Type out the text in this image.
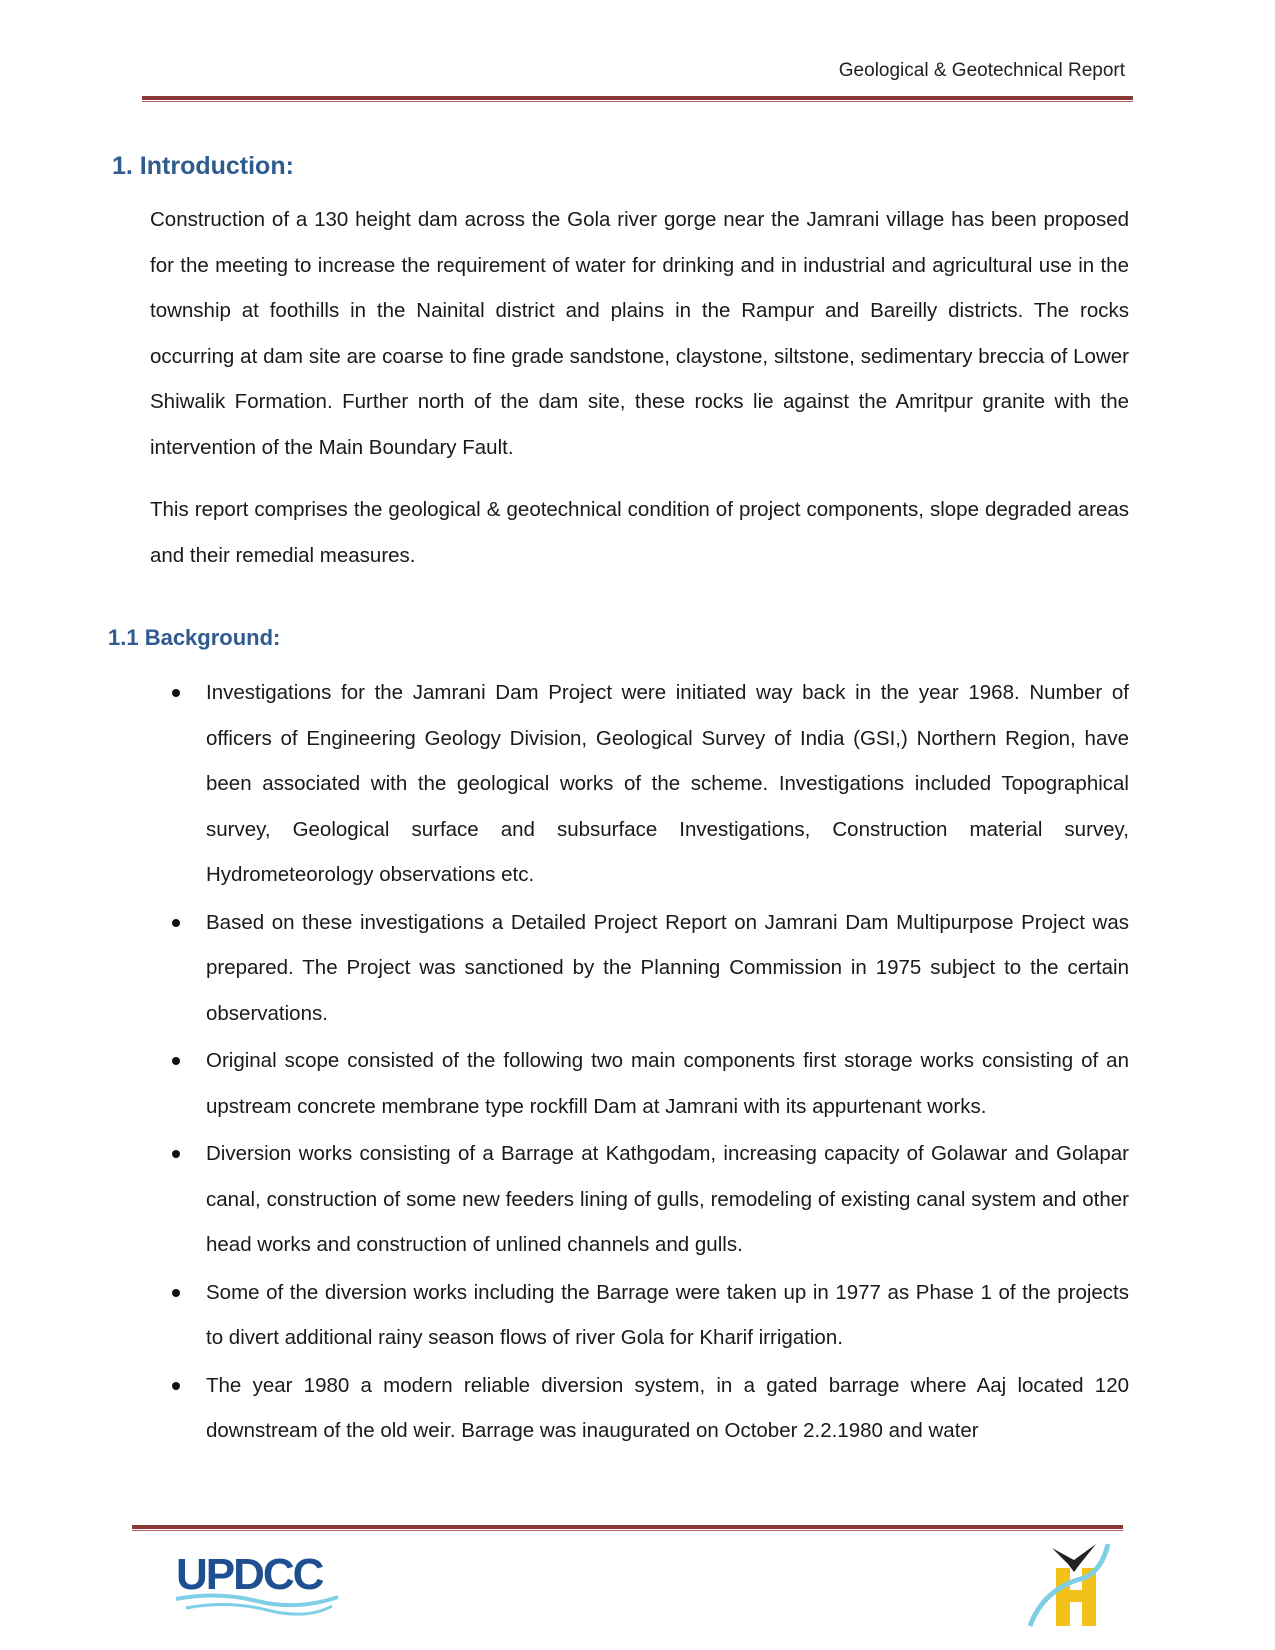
Geological & Geotechnical Report
1. Introduction:

Construction of a 130 height dam across the Gola river gorge near the Jamrani village has been proposed for the meeting to increase the requirement of water for drinking and in industrial and agricultural use in the township at foothills in the Nainital district and plains in the Rampur and Bareilly districts. The rocks occurring at dam site are coarse to fine grade sandstone, claystone, siltstone, sedimentary breccia of Lower Shiwalik Formation. Further north of the dam site, these rocks lie against the Amritpur granite with the intervention of the Main Boundary Fault.

This report comprises the geological & geotechnical condition of project components, slope degraded areas and their remedial measures.

1.1 Background:
Investigations for the Jamrani Dam Project were initiated way back in the year 1968. Number of officers of Engineering Geology Division, Geological Survey of India (GSI,) Northern Region, have been associated with the geological works of the scheme. Investigations included Topographical survey, Geological surface and subsurface Investigations, Construction material survey, Hydrometeorology observations etc.
Based on these investigations a Detailed Project Report on Jamrani Dam Multipurpose Project was prepared. The Project was sanctioned by the Planning Commission in 1975 subject to the certain observations.
Original scope consisted of the following two main components first storage works consisting of an upstream concrete membrane type rockfill Dam at Jamrani with its appurtenant works.
Diversion works consisting of a Barrage at Kathgodam, increasing capacity of Golawar and Golapar canal, construction of some new feeders lining of gulls, remodeling of existing canal system and other head works and construction of unlined channels and gulls.
Some of the diversion works including the Barrage were taken up in 1977 as Phase 1 of the projects to divert additional rainy season flows of river Gola for Kharif irrigation.
The year 1980 a modern reliable diversion system, in a gated barrage where Aaj located 120 downstream of the old weir. Barrage was inaugurated on October 2.2.1980 and water
UPDCC
